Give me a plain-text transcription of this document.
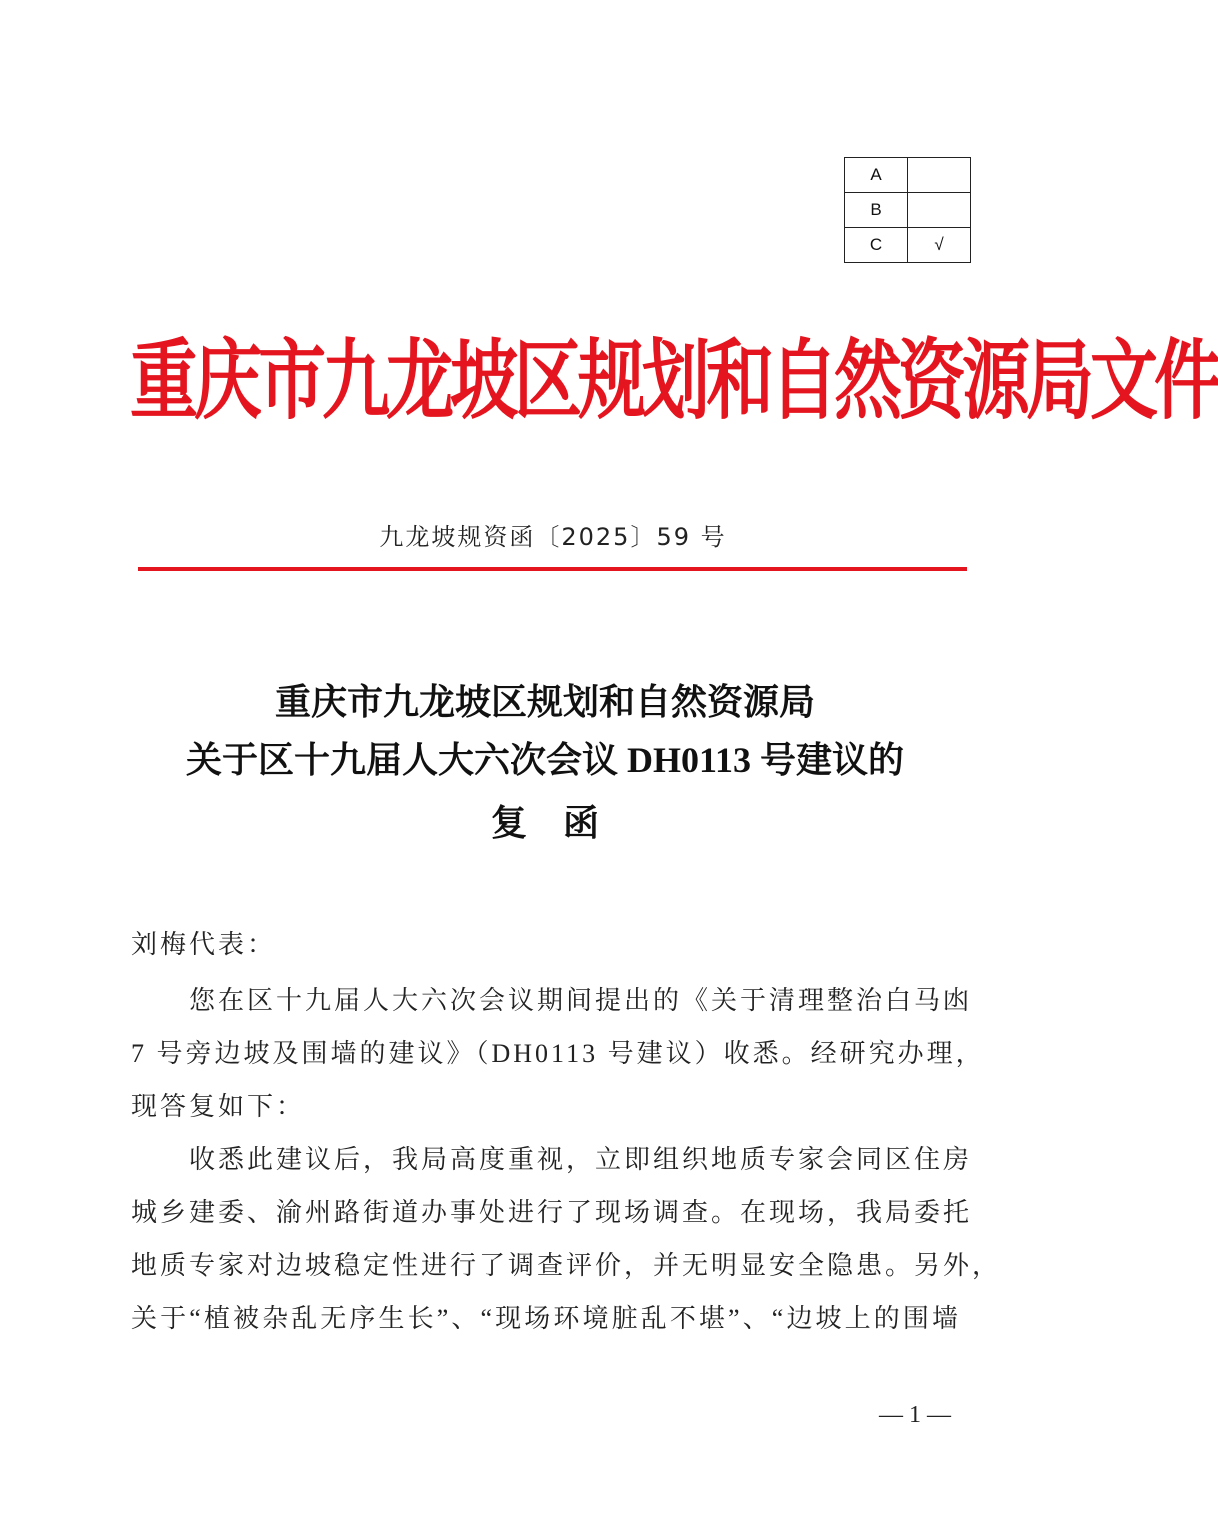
A	
B	
C	√
重庆市九龙坡区规划和自然资源局文件
九龙坡规资函〔2025〕59 号
重庆市九龙坡区规划和自然资源局
关于区十九届人大六次会议 DH0113 号建议的
复　函
刘梅代表：
　　您在区十九届人大六次会议期间提出的《关于清理整治白马凼
7 号旁边坡及围墙的建议》（DH0113 号建议）收悉。经研究办理，
现答复如下：
　　收悉此建议后，我局高度重视，立即组织地质专家会同区住房
城乡建委、渝州路街道办事处进行了现场调查。在现场，我局委托
地质专家对边坡稳定性进行了调查评价，并无明显安全隐患。另外，
关于“植被杂乱无序生长”、“现场环境脏乱不堪”、“边坡上的围墙
— 1 —
